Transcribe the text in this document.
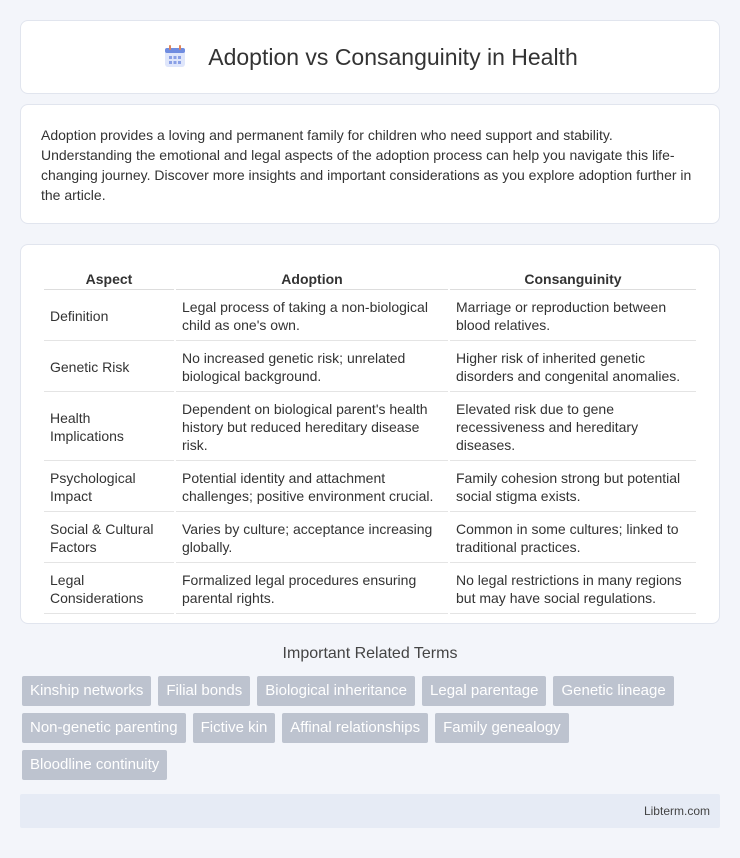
Adoption vs Consanguinity in Health

Adoption provides a loving and permanent family for children who need support and stability. Understanding the emotional and legal aspects of the adoption process can help you navigate this life-changing journey. Discover more insights and important considerations as you explore adoption further in the article.

Aspect	Adoption	Consanguinity
Definition	Legal process of taking a non-biological child as one's own.	Marriage or reproduction between blood relatives.
Genetic Risk	No increased genetic risk; unrelated biological background.	Higher risk of inherited genetic disorders and congenital anomalies.
Health Implications	Dependent on biological parent's health history but reduced hereditary disease risk.	Elevated risk due to gene recessiveness and hereditary diseases.
Psychological Impact	Potential identity and attachment challenges; positive environment crucial.	Family cohesion strong but potential social stigma exists.
Social & Cultural Factors	Varies by culture; acceptance increasing globally.	Common in some cultures; linked to traditional practices.
Legal Considerations	Formalized legal procedures ensuring parental rights.	No legal restrictions in many regions but may have social regulations.
Important Related Terms
Kinship networks	Filial bonds	Biological inheritance	Legal parentage	Genetic lineage
Non-genetic parenting	Fictive kin	Affinal relationships	Family genealogy
Bloodline continuity
Libterm.com
